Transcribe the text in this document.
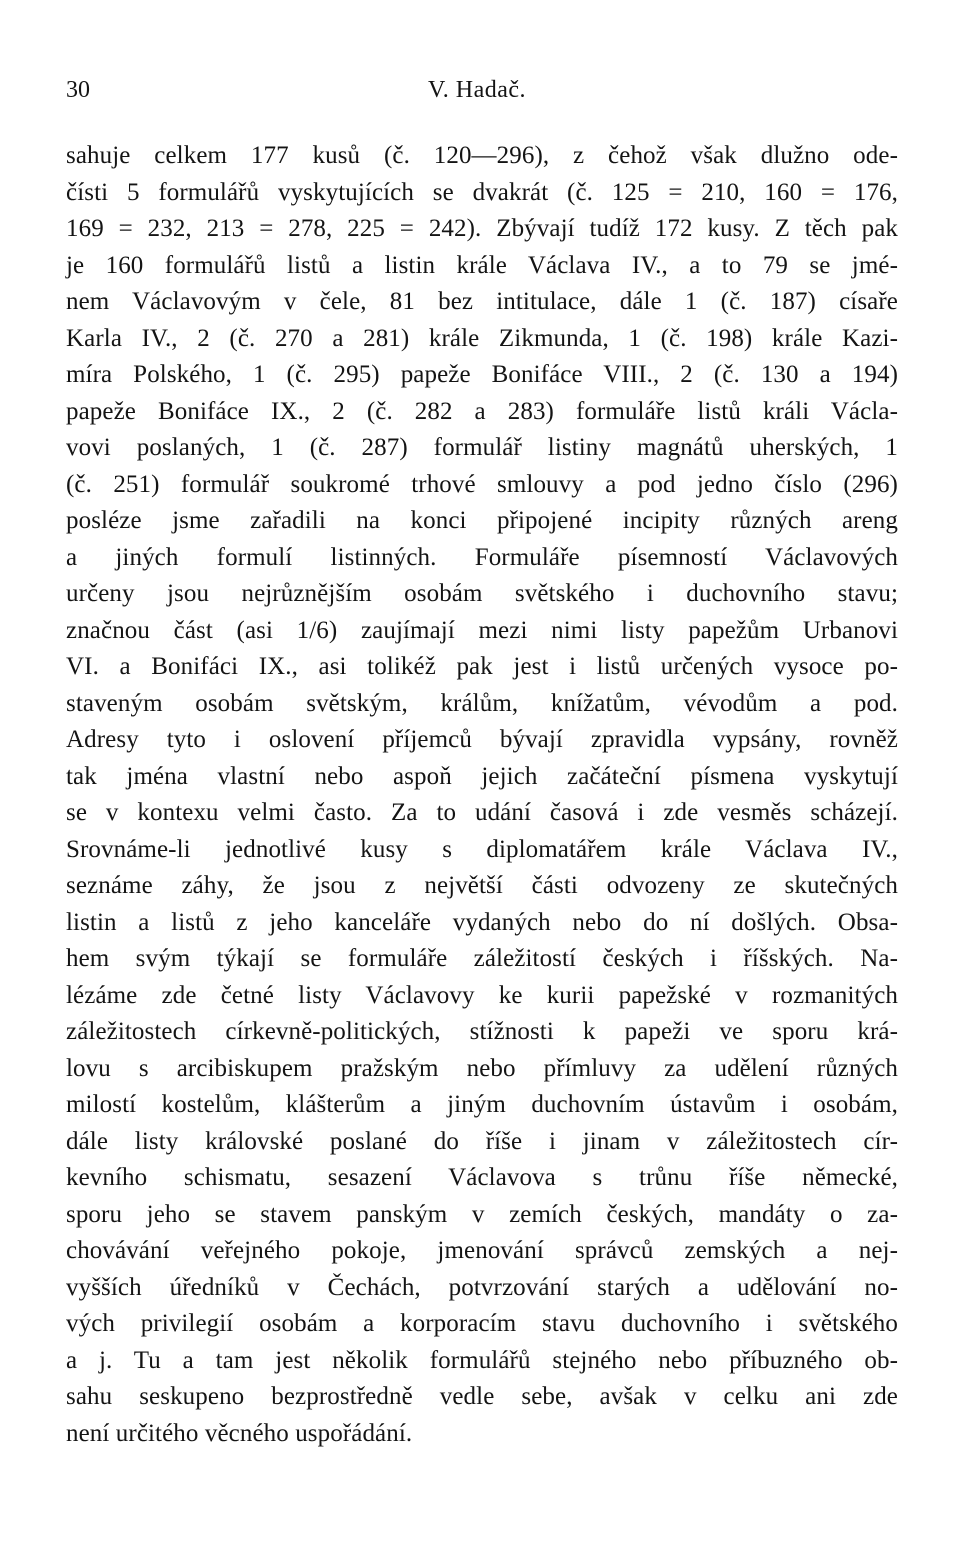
30	V. Hadač.
sahuje celkem 177 kusů (č. 120—296), z čehož však dlužno ode-
čísti 5 formulářů vyskytujících se dvakrát (č. 125 = 210, 160 = 176,
169 = 232, 213 = 278, 225 = 242). Zbývají tudíž 172 kusy. Z těch pak
je 160 formulářů listů a listin krále Václava IV., a to 79 se jmé-
nem Václavovým v čele, 81 bez intitulace, dále 1 (č. 187) císaře
Karla IV., 2 (č. 270 a 281) krále Zikmunda, 1 (č. 198) krále Kazi-
míra Polského, 1 (č. 295) papeže Bonifáce VIII., 2 (č. 130 a 194)
papeže Bonifáce IX., 2 (č. 282 a 283) formuláře listů králi Václa-
vovi poslaných, 1 (č. 287) formulář listiny magnátů uherských, 1
(č. 251) formulář soukromé trhové smlouvy a pod jedno číslo (296)
posléze jsme zařadili na konci připojené incipity různých areng
a jiných formulí listinných. Formuláře písemností Václavových
určeny jsou nejrůznějším osobám světského i duchovního stavu;
značnou část (asi 1/6) zaujímají mezi nimi listy papežům Urbanovi
VI. a Bonifáci IX., asi tolikéž pak jest i listů určených vysoce po-
staveným osobám světským, králům, knížatům, vévodům a pod.
Adresy tyto i oslovení příjemců bývají zpravidla vypsány, rovněž
tak jména vlastní nebo aspoň jejich začáteční písmena vyskytují
se v kontexu velmi často. Za to udání časová i zde vesměs scházejí.
Srovnáme-li jednotlivé kusy s diplomatářem krále Václava IV.,
seznáme záhy, že jsou z největší části odvozeny ze skutečných
listin a listů z jeho kanceláře vydaných nebo do ní došlých. Obsa-
hem svým týkají se formuláře záležitostí českých i říšských. Na-
lézáme zde četné listy Václavovy ke kurii papežské v rozmanitých
záležitostech církevně-politických, stížnosti k papeži ve sporu krá-
lovu s arcibiskupem pražským nebo přímluvy za udělení různých
milostí kostelům, klášterům a jiným duchovním ústavům i osobám,
dále listy královské poslané do říše i jinam v záležitostech cír-
kevního schismatu, sesazení Václavova s trůnu říše německé,
sporu jeho se stavem panským v zemích českých, mandáty o za-
chovávání veřejného pokoje, jmenování správců zemských a nej-
vyšších úředníků v Čechách, potvrzování starých a udělování no-
vých privilegií osobám a korporacím stavu duchovního i světského
a j. Tu a tam jest několik formulářů stejného nebo příbuzného ob-
sahu seskupeno bezprostředně vedle sebe, avšak v celku ani zde
není určitého věcného uspořádání.
